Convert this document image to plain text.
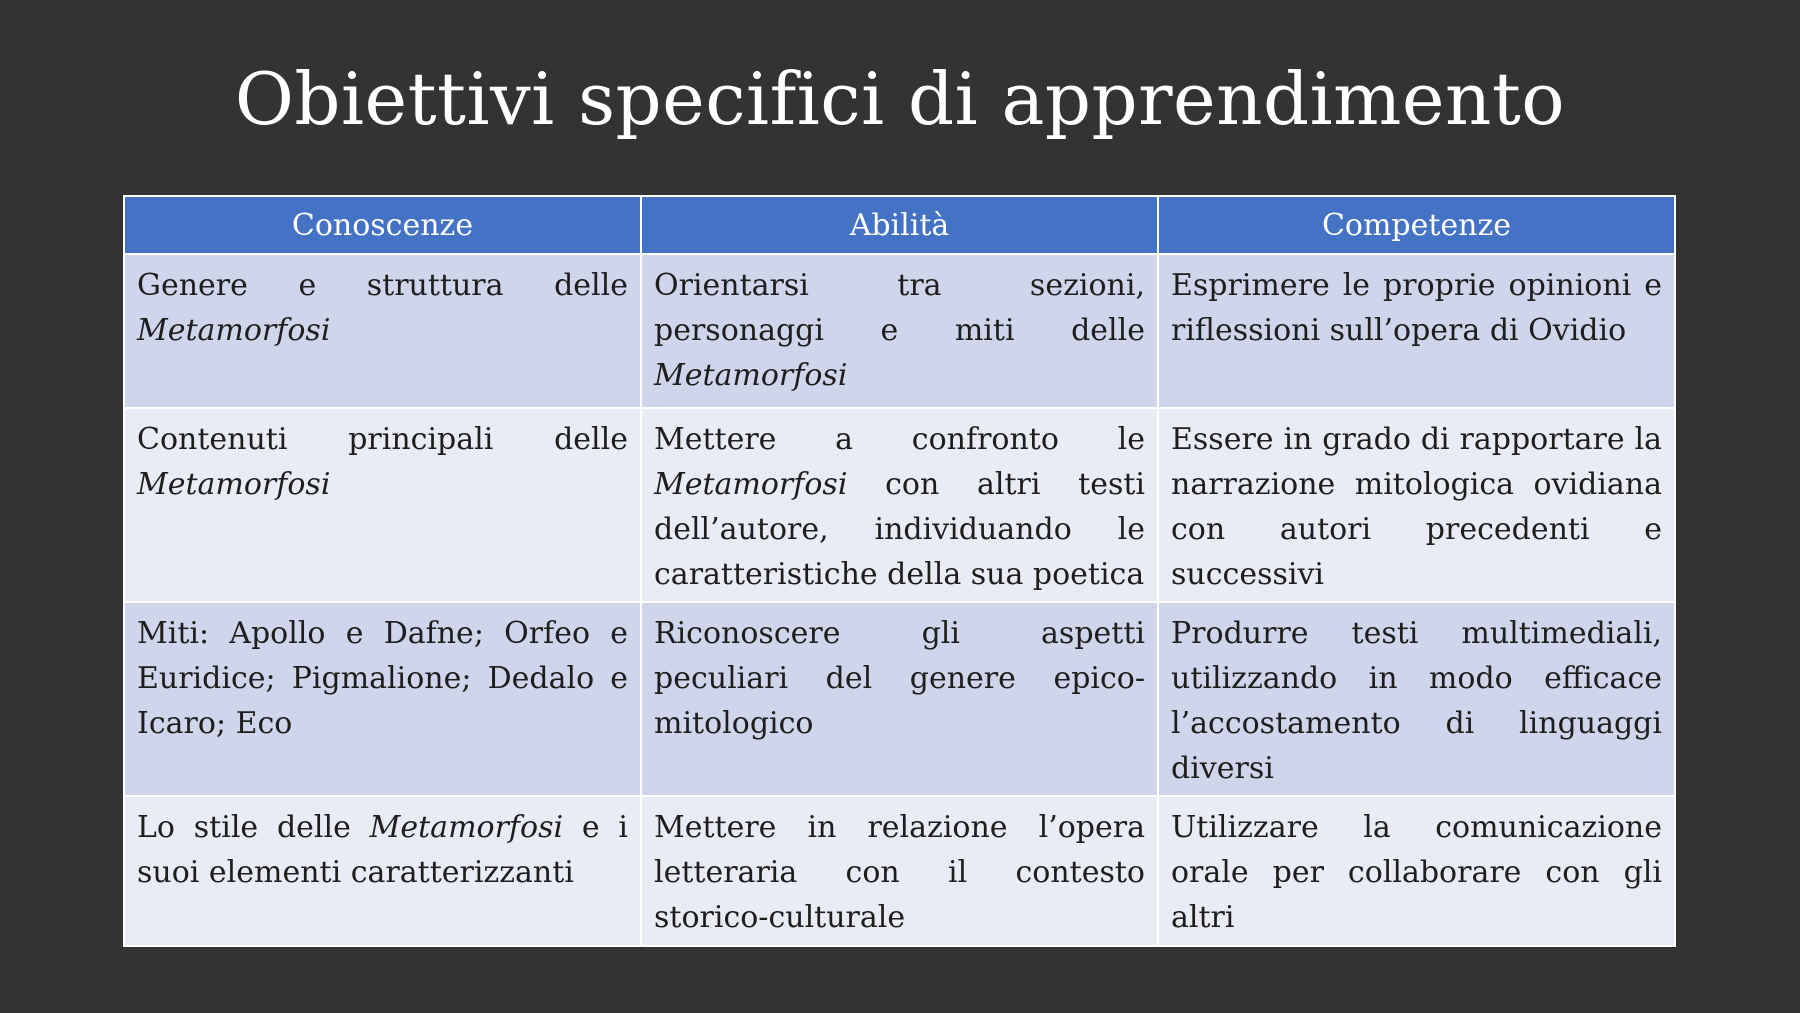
Obiettivi specifici di apprendimento
Conoscenze	Abilità	Competenze
Genere e struttura delle Metamorfosi	Orientarsi tra sezioni, personaggi e miti delle Metamorfosi	Esprimere le proprie opinioni e riflessioni sull’opera di Ovidio
Contenuti principali delle Metamorfosi	Mettere a confronto le Metamorfosi con altri testi dell’autore, individuando le caratteristiche della sua poetica	Essere in grado di rapportare la narrazione mitologica ovidiana con autori precedenti e successivi
Miti: Apollo e Dafne; Orfeo e Euridice; Pigmalione; Dedalo e Icaro; Eco	Riconoscere gli aspetti peculiari del genere epico-mitologico	Produrre testi multimediali, utilizzando in modo efficace l’accostamento di linguaggi diversi
Lo stile delle Metamorfosi e i suoi elementi caratterizzanti	Mettere in relazione l’opera letteraria con il contesto storico-culturale	Utilizzare la comunicazione orale per collaborare con gli altri
